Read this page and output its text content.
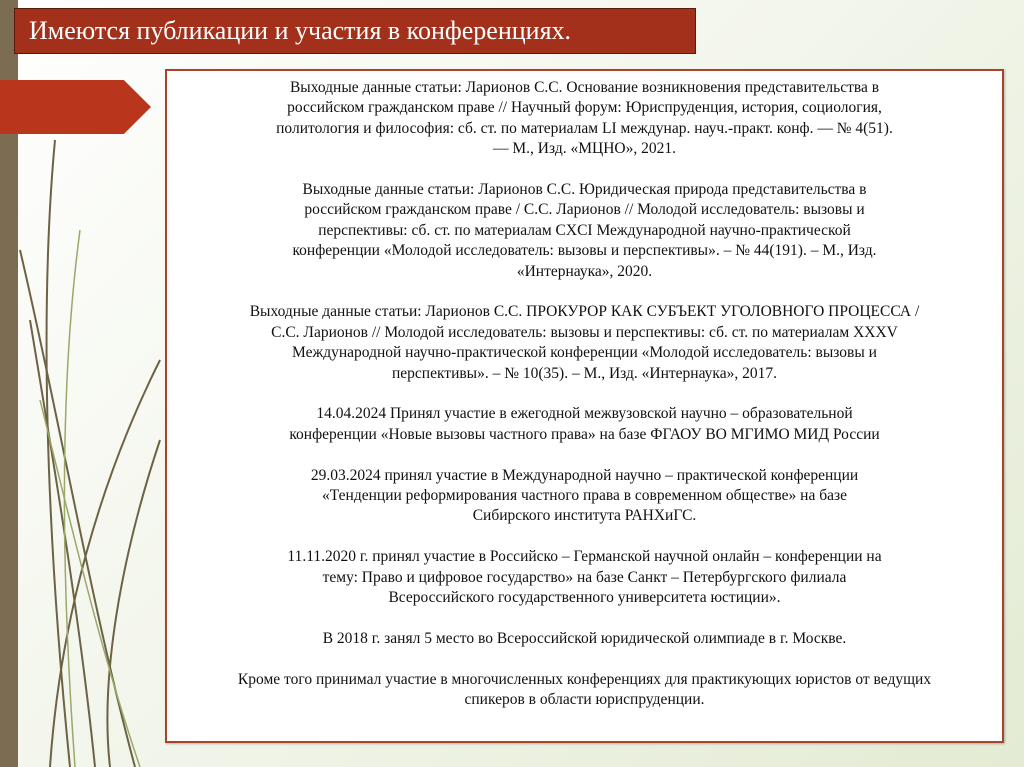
Имеются публикации и участия в конференциях.
Выходные данные статьи: Ларионов С.С. Основание возникновения представительства в
российском гражданском праве // Научный форум: Юриспруденция, история, социология,
политология и философия: сб. ст. по материалам LI междунар. науч.-практ. конф. — № 4(51).
— М., Изд. «МЦНО», 2021.
Выходные данные статьи: Ларионов С.С. Юридическая природа представительства в
российском гражданском праве / С.С. Ларионов // Молодой исследователь: вызовы и
перспективы: сб. ст. по материалам CXCI Международной научно-практической
конференции «Молодой исследователь: вызовы и перспективы». – № 44(191). – М., Изд.
«Интернаука», 2020.
Выходные данные статьи: Ларионов С.С. ПРОКУРОР КАК СУБЪЕКТ УГОЛОВНОГО ПРОЦЕССА /
С.С. Ларионов // Молодой исследователь: вызовы и перспективы: сб. ст. по материалам XXXV
Международной научно-практической конференции «Молодой исследователь: вызовы и
перспективы». – № 10(35). – М., Изд. «Интернаука», 2017.
14.04.2024 Принял участие в ежегодной межвузовской научно – образовательной
конференции «Новые вызовы частного права» на базе ФГАОУ ВО МГИМО МИД России
29.03.2024 принял участие в Международной научно – практической конференции
«Тенденции реформирования частного права в современном обществе» на базе
Сибирского института РАНХиГС.
11.11.2020 г. принял участие в Российско – Германской научной онлайн – конференции на
тему: Право и цифровое государство» на базе Санкт – Петербургского филиала
Всероссийского государственного университета юстиции».
В 2018 г. занял 5 место во Всероссийской юридической олимпиаде в г. Москве.
Кроме того принимал участие в многочисленных конференциях для практикующих юристов от ведущих
спикеров в области юриспруденции.
